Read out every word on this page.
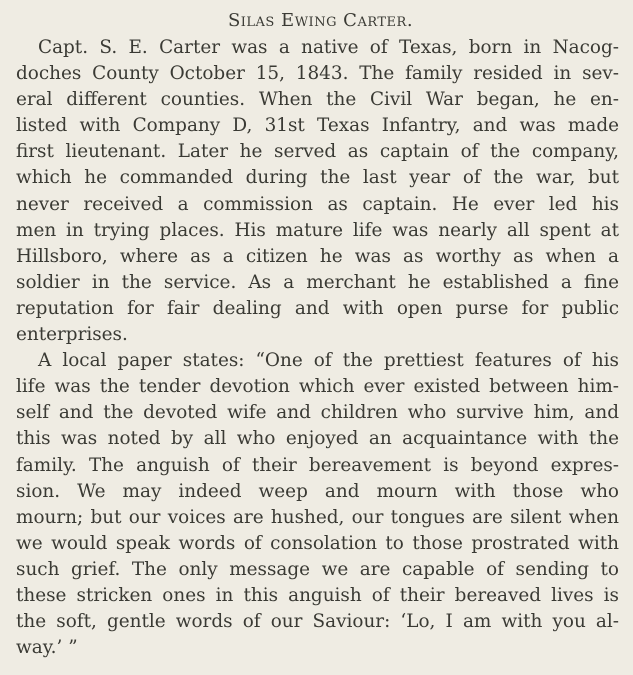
Silas Ewing Carter.
Capt. S. E. Carter was a native of Texas, born in Nacog-
doches County October 15, 1843. The family resided in sev-
eral different counties. When the Civil War began, he en-
listed with Company D, 31st Texas Infantry, and was made
first lieutenant. Later he served as captain of the company,
which he commanded during the last year of the war, but
never received a commission as captain. He ever led his
men in trying places. His mature life was nearly all spent at
Hillsboro, where as a citizen he was as worthy as when a
soldier in the service. As a merchant he established a fine
reputation for fair dealing and with open purse for public
enterprises.
A local paper states: “One of the prettiest features of his
life was the tender devotion which ever existed between him-
self and the devoted wife and children who survive him, and
this was noted by all who enjoyed an acquaintance with the
family. The anguish of their bereavement is beyond expres-
sion. We may indeed weep and mourn with those who
mourn; but our voices are hushed, our tongues are silent when
we would speak words of consolation to those prostrated with
such grief. The only message we are capable of sending to
these stricken ones in this anguish of their bereaved lives is
the soft, gentle words of our Saviour: ‘Lo, I am with you al-
way.’ ”
